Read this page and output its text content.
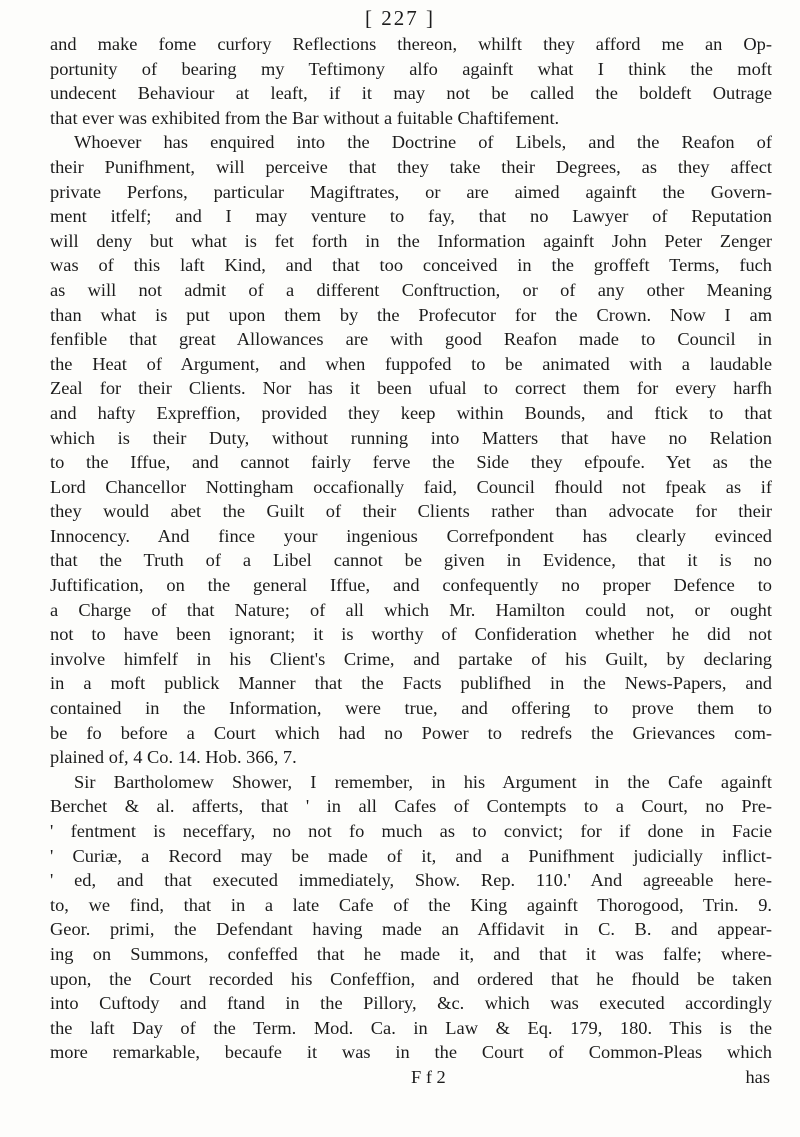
[ 227 ]
and make fome curfory Reflections thereon, whilft they afford me an Op-
portunity of bearing my Teftimony alfo againft what I think the moft
undecent Behaviour at leaft, if it may not be called the boldeft Outrage
that ever was exhibited from the Bar without a fuitable Chaftifement.
Whoever has enquired into the Doctrine of Libels, and the Reafon of
their Punifhment, will perceive that they take their Degrees, as they affect
private Perfons, particular Magiftrates, or are aimed againft the Govern-
ment itfelf; and I may venture to fay, that no Lawyer of Reputation
will deny but what is fet forth in the Information againft John Peter Zenger
was of this laft Kind, and that too conceived in the groffeft Terms, fuch
as will not admit of a different Conftruction, or of any other Meaning
than what is put upon them by the Profecutor for the Crown. Now I am
fenfible that great Allowances are with good Reafon made to Council in
the Heat of Argument, and when fuppofed to be animated with a laudable
Zeal for their Clients. Nor has it been ufual to correct them for every harfh
and hafty Expreffion, provided they keep within Bounds, and ftick to that
which is their Duty, without running into Matters that have no Relation
to the Iffue, and cannot fairly ferve the Side they efpoufe. Yet as the
Lord Chancellor Nottingham occafionally faid, Council fhould not fpeak as if
they would abet the Guilt of their Clients rather than advocate for their
Innocency. And fince your ingenious Correfpondent has clearly evinced
that the Truth of a Libel cannot be given in Evidence, that it is no
Juftification, on the general Iffue, and confequently no proper Defence to
a Charge of that Nature; of all which Mr. Hamilton could not, or ought
not to have been ignorant; it is worthy of Confideration whether he did not
involve himfelf in his Client's Crime, and partake of his Guilt, by declaring
in a moft publick Manner that the Facts publifhed in the News-Papers, and
contained in the Information, were true, and offering to prove them to
be fo before a Court which had no Power to redrefs the Grievances com-
plained of, 4 Co. 14. Hob. 366, 7.
Sir Bartholomew Shower, I remember, in his Argument in the Cafe againft
Berchet & al. afferts, that ' in all Cafes of Contempts to a Court, no Pre-
' fentment is neceffary, no not fo much as to convict; for if done in Facie
' Curiæ, a Record may be made of it, and a Punifhment judicially inflict-
' ed, and that executed immediately, Show. Rep. 110.' And agreeable here-
to, we find, that in a late Cafe of the King againft Thorogood, Trin. 9.
Geor. primi, the Defendant having made an Affidavit in C. B. and appear-
ing on Summons, confeffed that he made it, and that it was falfe; where-
upon, the Court recorded his Confeffion, and ordered that he fhould be taken
into Cuftody and ftand in the Pillory, &c. which was executed accordingly
the laft Day of the Term. Mod. Ca. in Law & Eq. 179, 180. This is the
more remarkable, becaufe it was in the Court of Common-Pleas which
F f 2	has
